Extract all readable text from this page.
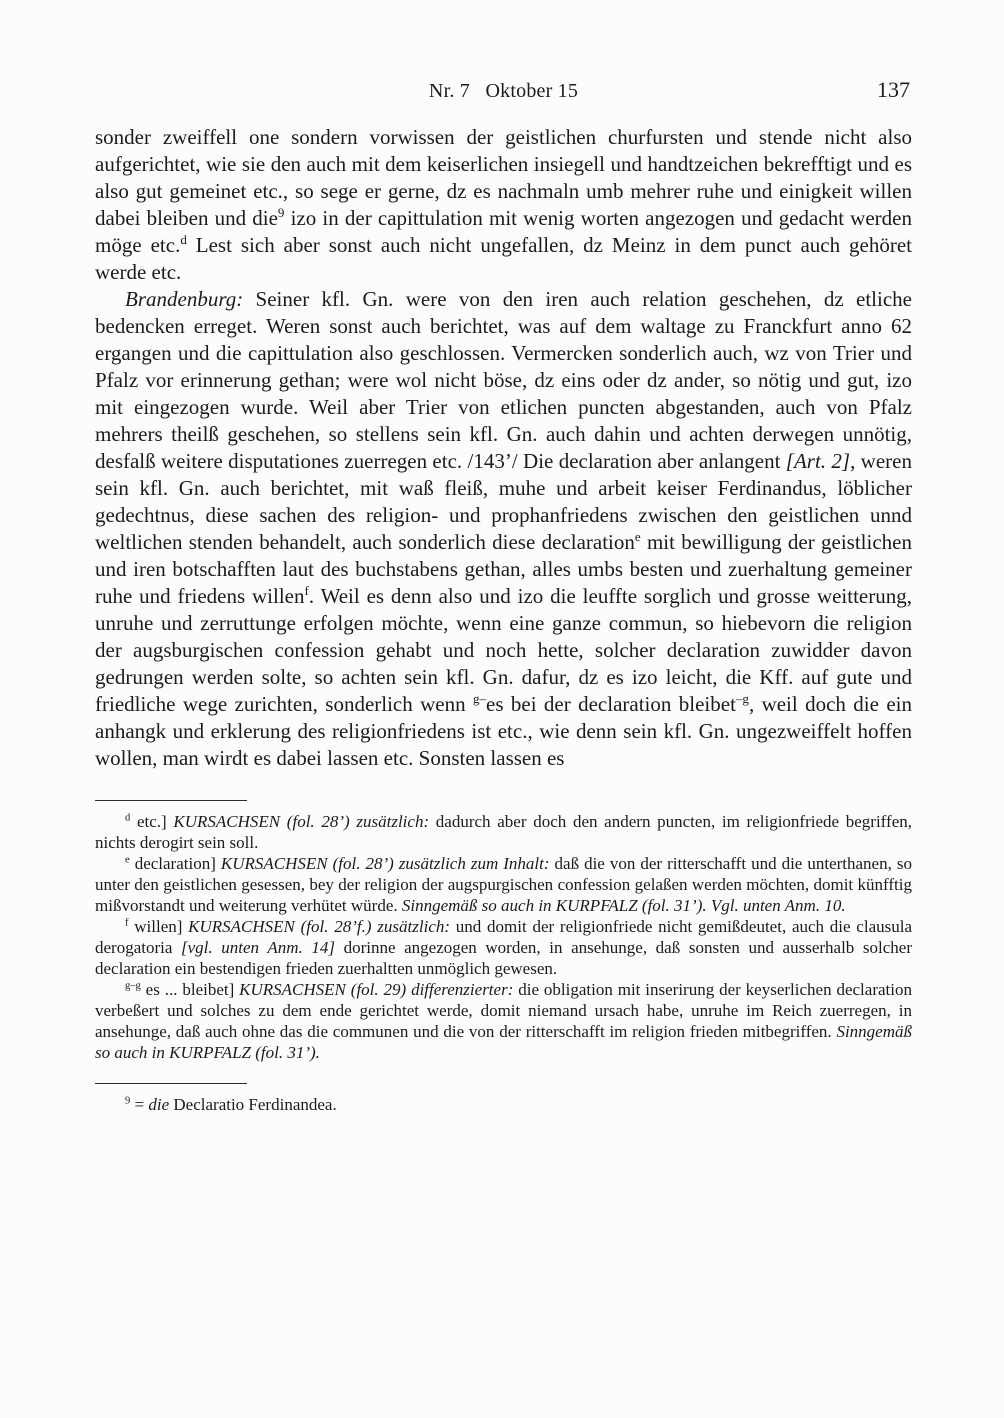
Nr. 7   Oktober 15	137
sonder zweiffell one sondern vorwissen der geistlichen churfursten und stende nicht also aufgerichtet, wie sie den auch mit dem keiserlichen insiegell und handtzeichen bekrefftigt und es also gut gemeinet etc., so sege er gerne, dz es nachmaln umb mehrer ruhe und einigkeit willen dabei bleiben und die$^9$ izo in der capittulation mit wenig worten angezogen und gedacht werden möge etc.$^d$ Lest sich aber sonst auch nicht ungefallen, dz Meinz in dem punct auch gehöret werde etc.
Brandenburg: Seiner kfl. Gn. were von den iren auch relation geschehen, dz etliche bedencken erreget. Weren sonst auch berichtet, was auf dem waltage zu Franckfurt anno 62 ergangen und die capittulation also geschlossen. Vermercken sonderlich auch, wz von Trier und Pfalz vor erinnerung gethan; were wol nicht böse, dz eins oder dz ander, so nötig und gut, izo mit eingezogen wurde. Weil aber Trier von etlichen puncten abgestanden, auch von Pfalz mehrers theilß geschehen, so stellens sein kfl. Gn. auch dahin und achten derwegen unnötig, desfalß weitere disputationes zuerregen etc. /143’/ Die declaration aber anlangent [Art. 2], weren sein kfl. Gn. auch berichtet, mit waß fleiß, muhe und arbeit keiser Ferdinandus, löblicher gedechtnus, diese sachen des religion- und prophanfriedens zwischen den geistlichen unnd weltlichen stenden behandelt, auch sonderlich diese declaration$^e$ mit bewilligung der geistlichen und iren botschafften laut des buchstabens gethan, alles umbs besten und zuerhaltung gemeiner ruhe und friedens willen$^f$. Weil es denn also und izo die leuffte sorglich und grosse weitterung, unruhe und zerruttunge erfolgen möchte, wenn eine ganze commun, so hiebevorn die religion der augsburgischen confession gehabt und noch hette, solcher declaration zuwidder davon gedrungen werden solte, so achten sein kfl. Gn. dafur, dz es izo leicht, die Kff. auf gute und friedliche wege zurichten, sonderlich wenn $^{g-}$es bei der declaration bleibet$^{-g}$, weil doch die ein anhangk und erklerung des religionfriedens ist etc., wie denn sein kfl. Gn. ungezweiffelt hoffen wollen, man wirdt es dabei lassen etc. Sonsten lassen es
$^d$ etc.] KURSACHSEN (fol. 28’) zusätzlich: dadurch aber doch den andern puncten, im religionfriede begriffen, nichts derogirt sein soll.
$^e$ declaration] KURSACHSEN (fol. 28’) zusätzlich zum Inhalt: daß die von der ritterschafft und die unterthanen, so unter den geistlichen gesessen, bey der religion der augspurgischen confession gelaßen werden möchten, domit künfftig mißvorstandt und weiterung verhütet würde. Sinngemäß so auch in KURPFALZ (fol. 31’). Vgl. unten Anm. 10.
$^f$ willen] KURSACHSEN (fol. 28’f.) zusätzlich: und domit der religionfriede nicht gemißdeutet, auch die clausula derogatoria [vgl. unten Anm. 14] dorinne angezogen worden, in ansehunge, daß sonsten und ausserhalb solcher declaration ein bestendigen frieden zuerhaltten unmöglich gewesen.
$^{g-g}$ es ... bleibet] KURSACHSEN (fol. 29) differenzierter: die obligation mit inserirung der keyserlichen declaration verbeßert und solches zu dem ende gerichtet werde, domit niemand ursach habe, unruhe im Reich zuerregen, in ansehunge, daß auch ohne das die communen und die von der ritterschafft im religion frieden mitbegriffen. Sinngemäß so auch in KURPFALZ (fol. 31’).
$^9$ = die Declaratio Ferdinandea.
